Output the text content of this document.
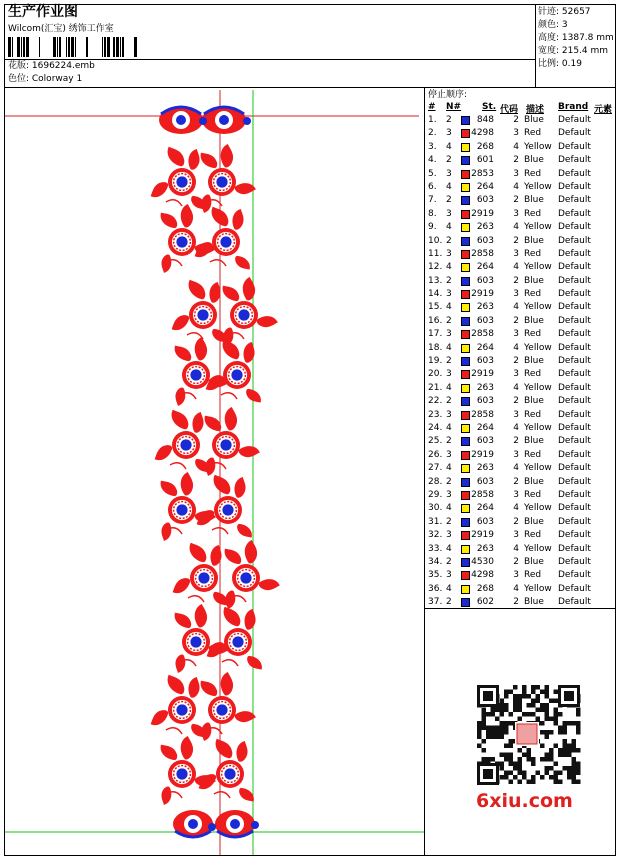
生产作业图
Wilcom(汇宝) 绣饰工作室
花版: 1696224.emb
色位: Colorway 1
针迹: 52657
颜色: 3
高度: 1387.8 mm
宽度: 215.4 mm
比例: 0.19
停止顺序:
# N# St. 代码 描述 Brand 元素
1. 2	848 2 Blue Default
2. 3 4298 3 Red Default
3. 4	268 4 Yellow Default
4. 2	601 2 Blue Default
5. 3 2853 3 Red Default
6. 4	264 4 Yellow Default
7. 2	603 2 Blue Default
8. 3 2919 3 Red Default
9. 4	263 4 Yellow Default
10. 2	603 2 Blue Default
11. 3 2858 3 Red Default
12. 4	264 4 Yellow Default
13. 2	603 2 Blue Default
14. 3 2919 3 Red Default
15. 4	263 4 Yellow Default
16. 2	603 2 Blue Default
17. 3 2858 3 Red Default
18. 4	264 4 Yellow Default
19. 2	603 2 Blue Default
20. 3 2919 3 Red Default
21. 4	263 4 Yellow Default
22. 2	603 2 Blue Default
23. 3 2858 3 Red Default
24. 4	264 4 Yellow Default
25. 2	603 2 Blue Default
26. 3 2919 3 Red Default
27. 4	263 4 Yellow Default
28. 2	603 2 Blue Default
29. 3 2858 3 Red Default
30. 4	264 4 Yellow Default
31. 2	603 2 Blue Default
32. 3 2919 3 Red Default
33. 4	263 4 Yellow Default
34. 2 4530 2 Blue Default
35. 3 4298 3 Red Default
36. 4	268 4 Yellow Default
37. 2	602 2 Blue Default
6xiu.com
